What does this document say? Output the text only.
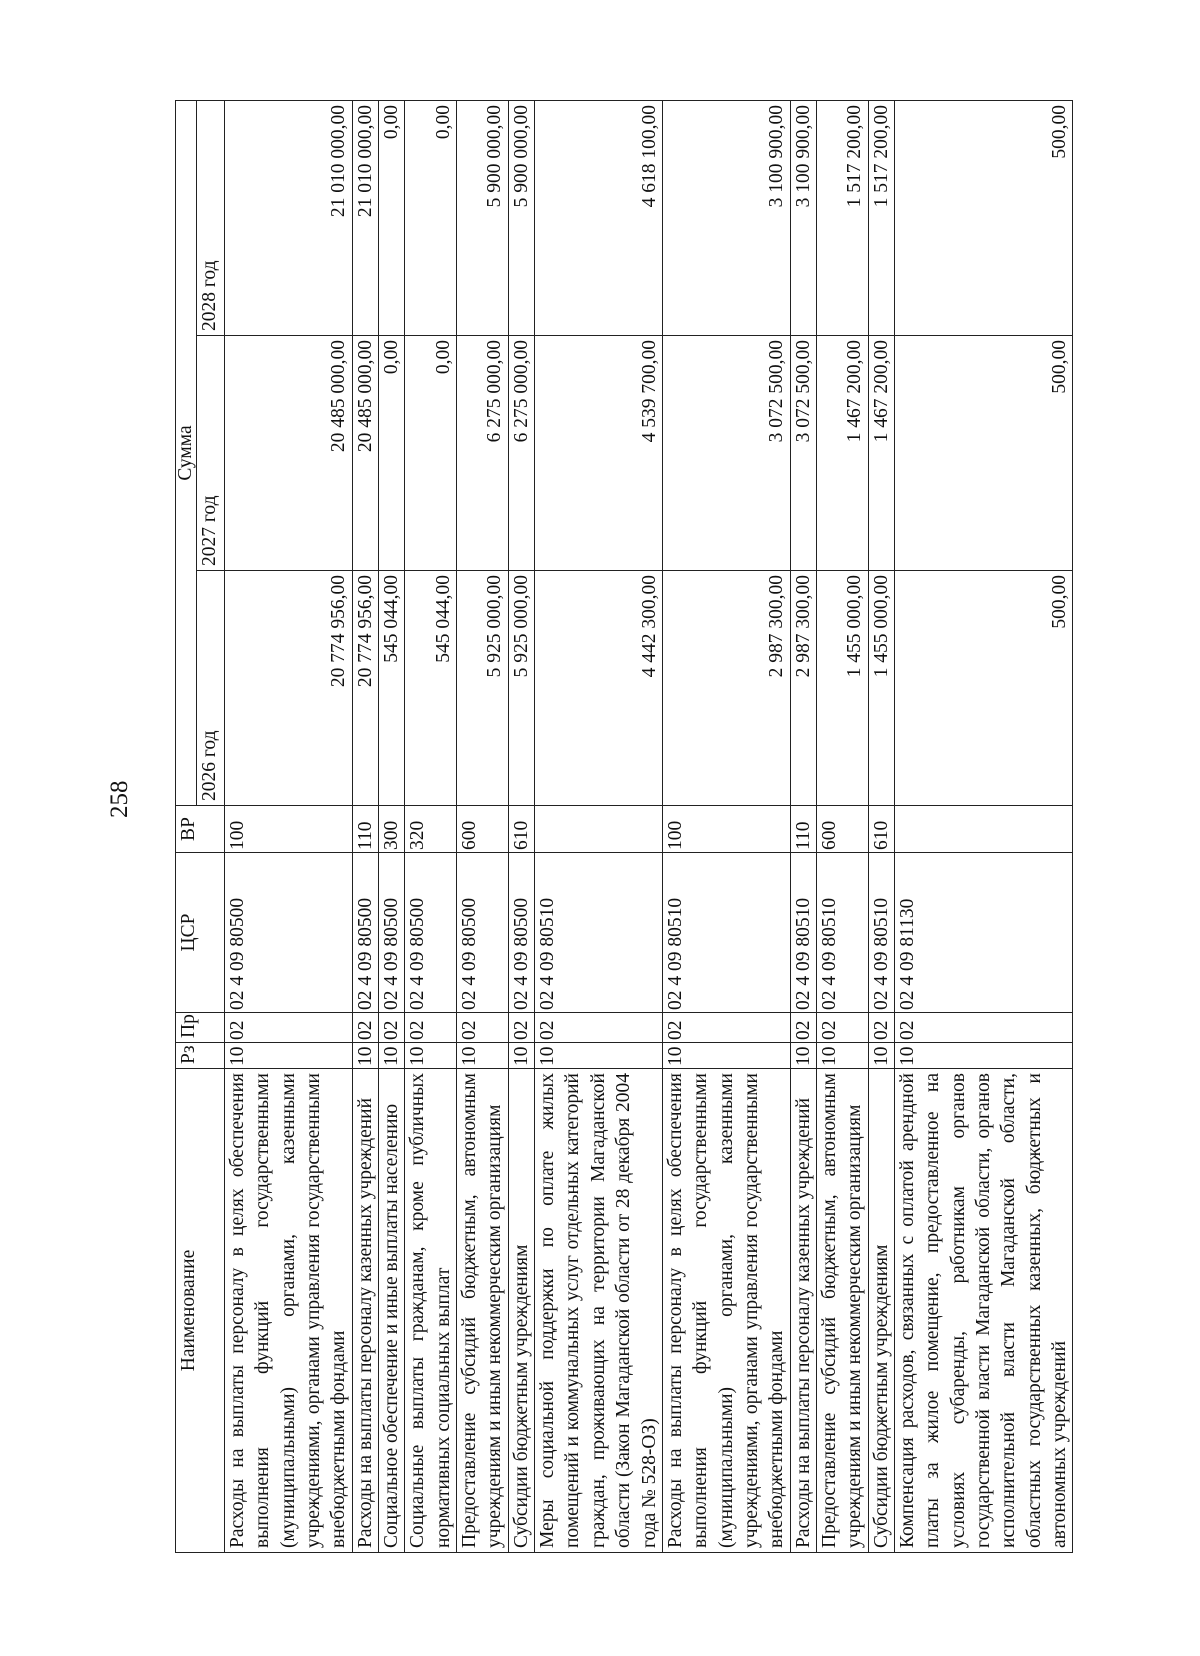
258
Наименование	Рз	Пр	ЦСР	ВР	Сумма		
					2026 год	2027 год	2028 год
Расходы на выплаты персоналу в целях обеспечения выполнения функций государственными (муниципальными) органами, казенными учреждениями, органами управления государственными внебюджетными фондами	10	02	02 4 09 80500	100	20 774 956,00	20 485 000,00	21 010 000,00
Расходы на выплаты персоналу казенных учреждений	10	02	02 4 09 80500	110	20 774 956,00	20 485 000,00	21 010 000,00
Социальное обеспечение и иные выплаты населению	10	02	02 4 09 80500	300	545 044,00	0,00	0,00
Социальные выплаты гражданам, кроме публичных нормативных социальных выплат	10	02	02 4 09 80500	320	545 044,00	0,00	0,00
Предоставление субсидий бюджетным, автономным учреждениям и иным некоммерческим организациям	10	02	02 4 09 80500	600	5 925 000,00	6 275 000,00	5 900 000,00
Субсидии бюджетным учреждениям	10	02	02 4 09 80500	610	5 925 000,00	6 275 000,00	5 900 000,00
Меры социальной поддержки по оплате жилых помещений и коммунальных услуг отдельных категорий граждан, проживающих на территории Магаданской области (Закон Магаданской области от 28 декабря 2004 года № 528-ОЗ)	10	02	02 4 09 80510		4 442 300,00	4 539 700,00	4 618 100,00
Расходы на выплаты персоналу в целях обеспечения выполнения функций государственными (муниципальными) органами, казенными учреждениями, органами управления государственными внебюджетными фондами	10	02	02 4 09 80510	100	2 987 300,00	3 072 500,00	3 100 900,00
Расходы на выплаты персоналу казенных учреждений	10	02	02 4 09 80510	110	2 987 300,00	3 072 500,00	3 100 900,00
Предоставление субсидий бюджетным, автономным учреждениям и иным некоммерческим организациям	10	02	02 4 09 80510	600	1 455 000,00	1 467 200,00	1 517 200,00
Субсидии бюджетным учреждениям	10	02	02 4 09 80510	610	1 455 000,00	1 467 200,00	1 517 200,00
Компенсация расходов, связанных с оплатой арендной платы за жилое помещение, предоставленное на условиях субаренды, работникам органов государственной власти Магаданской области, органов исполнительной власти Магаданской области, областных государственных казенных, бюджетных и автономных учреждений	10	02	02 4 09 81130		500,00	500,00	500,00
